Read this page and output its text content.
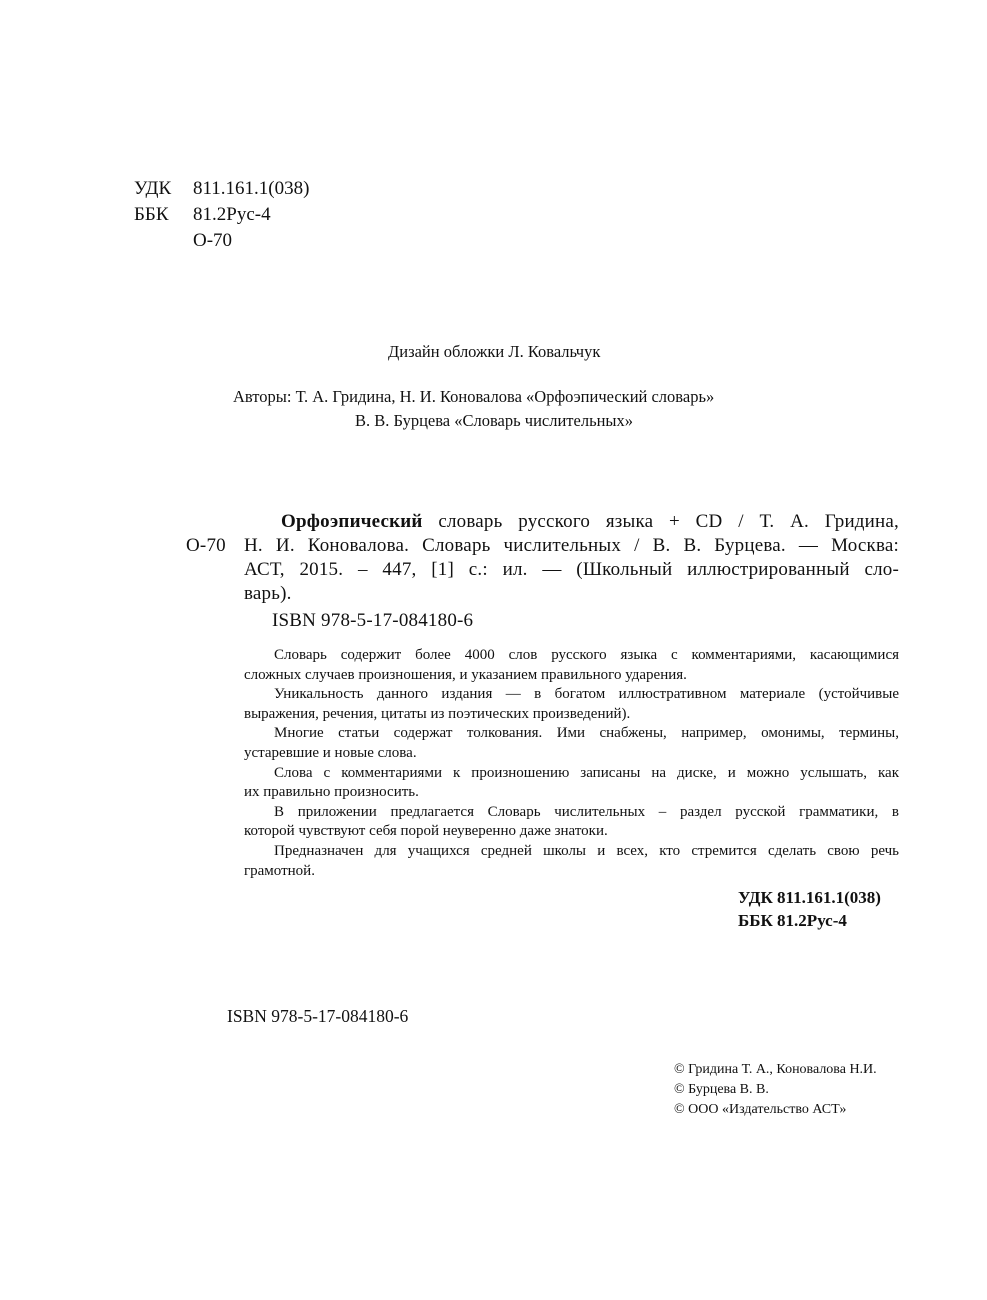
УДК 811.161.1(038)
ББК 81.2Рус-4
О-70
Дизайн обложки Л. Ковальчук
Авторы: Т. А. Гридина, Н. И. Коновалова «Орфоэпический словарь»
В. В. Бурцева «Словарь числительных»
Орфоэпический словарь русского языка + CD / Т. А. Гридина,
Н. И. Коновалова. Словарь числительных / В. В. Бурцева. — Москва:
АСТ, 2015. – 447, [1] с.: ил. — (Школьный иллюстрированный сло-
варь).
ISBN 978-5-17-084180-6
О-70

Словарь содержит более 4000 слов русского языка с комментариями, касающимися

сложных случаев произношения, и указанием правильного ударения.

Уникальность данного издания — в богатом иллюстративном материале (устойчивые

выражения, речения, цитаты из поэтических произведений).

Многие статьи содержат толкования. Ими снабжены, например, омонимы, термины,

устаревшие и новые слова.

Слова с комментариями к произношению записаны на диске, и можно услышать, как

их правильно произносить.

В приложении предлагается Словарь числительных – раздел русской грамматики, в

которой чувствуют себя порой неуверенно даже знатоки.

Предназначен для учащихся средней школы и всех, кто стремится сделать свою речь

грамотной.

УДК 811.161.1(038)
ББК 81.2Рус-4
ISBN 978-5-17-084180-6
© Гридина Т. А., Коновалова Н.И.
© Бурцева В. В.
© ООО «Издательство АСТ»
